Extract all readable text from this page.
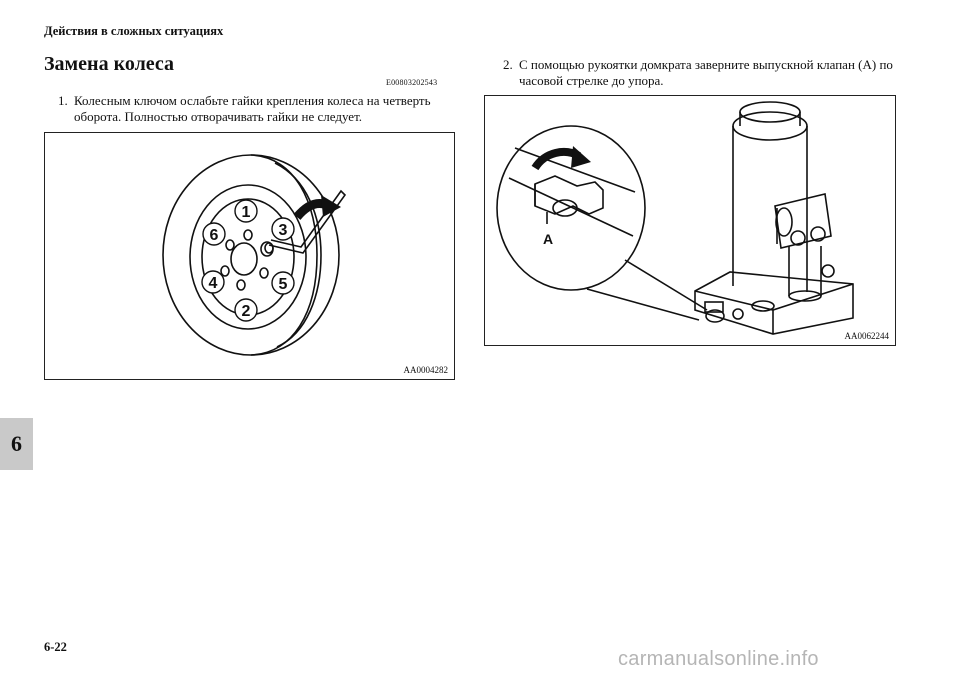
Действия в сложных ситуациях
Замена колеса
E00803202543
1. Колесным ключом ослабьте гайки крепления колеса на четверть оборота. Полностью отворачивать гайки не следует.
2. С помощью рукоятки домкрата заверните выпускной клапан (A) по часовой стрелке до упора.
1
2
3
4	5
6
AA0004282
A
AA0062244
6
6-22
carmanualsonline.info
